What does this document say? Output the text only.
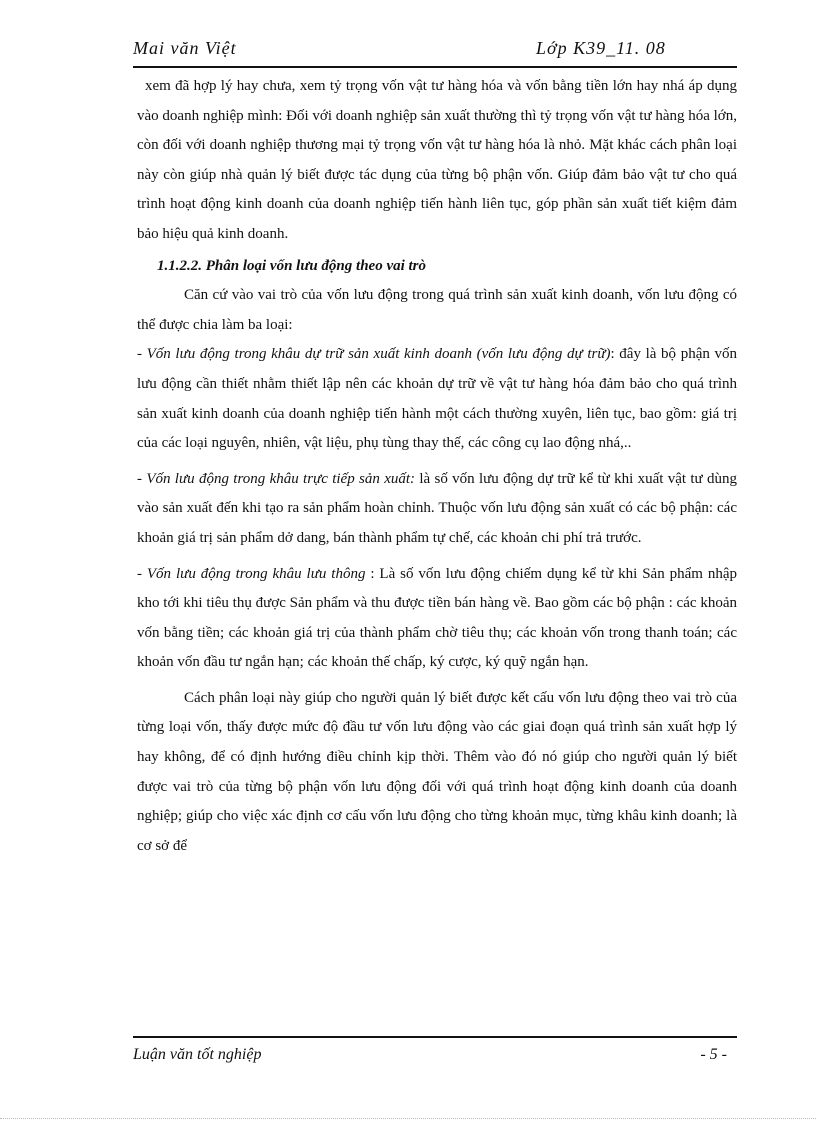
Mai văn Việt	Lớp K39_11. 08

xem đã hợp lý hay chưa, xem tỷ trọng vốn vật tư hàng hóa và vốn bằng tiền lớn hay nhá áp dụng vào doanh nghiệp mình: Đối với doanh nghiệp sản xuất thường thì tỷ trọng vốn vật tư hàng hóa lớn, còn đối với doanh nghiệp thương mại tỷ trọng vốn vật tư hàng hóa là nhỏ. Mặt khác cách phân loại này còn giúp nhà quản lý biết được tác dụng của từng bộ phận vốn. Giúp đảm bảo vật tư cho quá trình hoạt động kinh doanh của doanh nghiệp tiến hành liên tục, góp phần sản xuất tiết kiệm đảm bảo hiệu quả kinh doanh.

1.1.2.2. Phân loại vốn lưu động theo vai trò

Căn cứ vào vai trò của vốn lưu động trong quá trình sản xuất kinh doanh, vốn lưu động có thể được chia làm ba loại:

- Vốn lưu động trong khâu dự trữ sản xuất kinh doanh (vốn lưu động dự trữ): đây là bộ phận vốn lưu động cần thiết nhằm thiết lập nên các khoản dự trữ về vật tư hàng hóa đảm bảo cho quá trình sản xuất kinh doanh của doanh nghiệp tiến hành một cách thường xuyên, liên tục, bao gồm: giá trị của các loại nguyên, nhiên, vật liệu, phụ tùng thay thế, các công cụ lao động nhá,..

- Vốn lưu động trong khâu trực tiếp sản xuất: là số vốn lưu động dự trữ kể từ khi xuất vật tư dùng vào sản xuất đến khi tạo ra sản phẩm hoàn chỉnh. Thuộc vốn lưu động sản xuất có các bộ phận: các khoản giá trị sản phẩm dở dang, bán thành phẩm tự chế, các khoản chi phí trả trước.

- Vốn lưu động trong khâu lưu thông : Là số vốn lưu động chiếm dụng kể từ khi Sản phẩm nhập kho tới khi tiêu thụ được Sản phẩm và thu được tiền bán hàng về. Bao gồm các bộ phận : các khoản vốn bằng tiền; các khoản giá trị của thành phẩm chờ tiêu thụ; các khoản vốn trong thanh toán; các khoản vốn đầu tư ngắn hạn; các khoản thế chấp, ký cược, ký quỹ ngắn hạn.

Cách phân loại này giúp cho người quản lý biết được kết cấu vốn lưu động theo vai trò của từng loại vốn, thấy được mức độ đầu tư vốn lưu động vào các giai đoạn quá trình sản xuất hợp lý hay không, để có định hướng điều chỉnh kịp thời. Thêm vào đó nó giúp cho người quản lý biết được vai trò của từng bộ phận vốn lưu động đối với quá trình hoạt động kinh doanh của doanh nghiệp; giúp cho việc xác định cơ cấu vốn lưu động cho từng khoản mục, từng khâu kinh doanh; là cơ sở để

Luận văn tốt nghiệp	- 5 -
